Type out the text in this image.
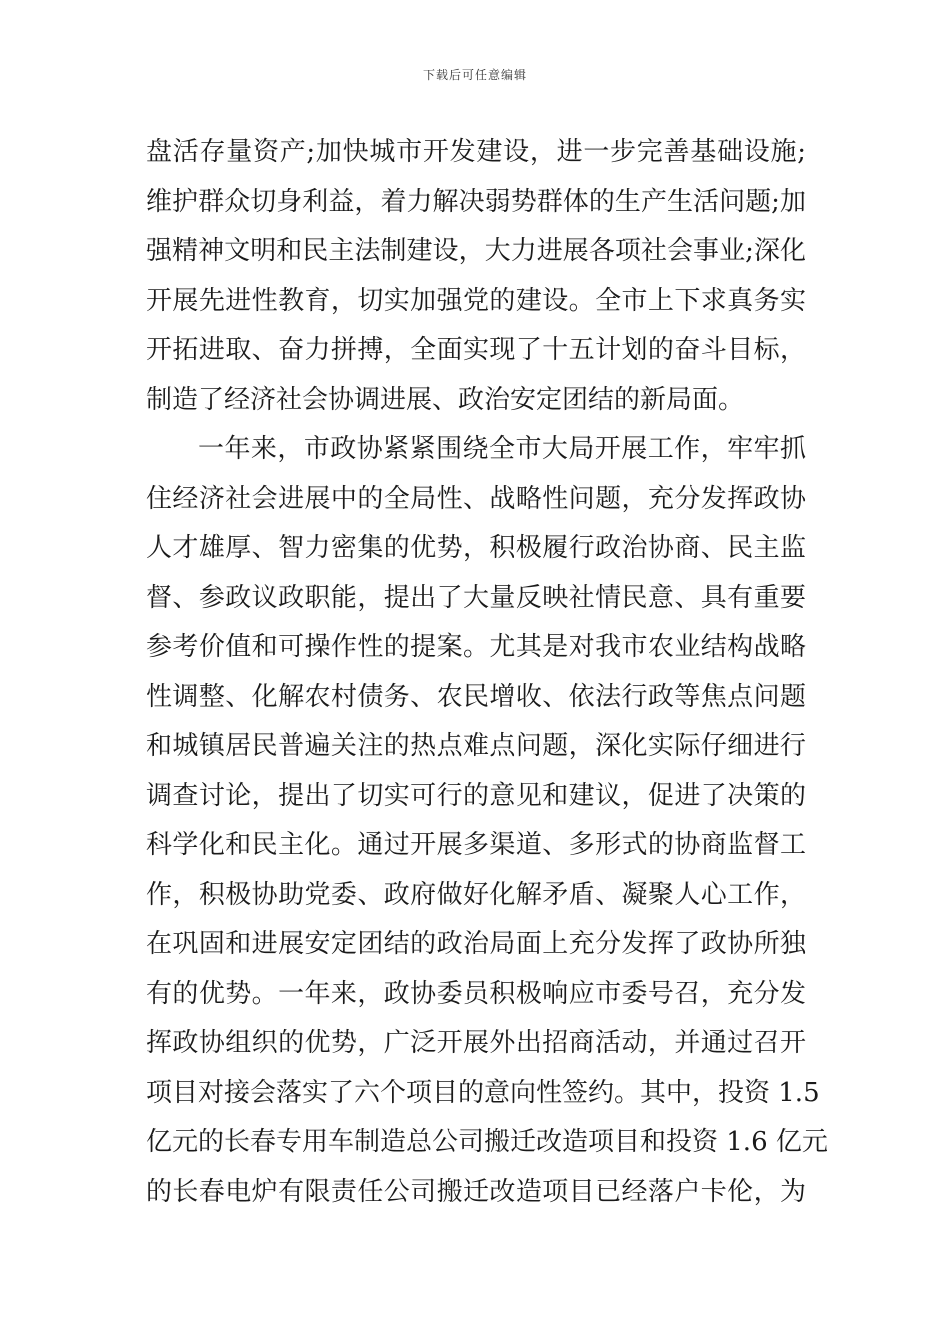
下载后可任意编辑
盘活存量资产;加快城市开发建设，进一步完善基础设施;
维护群众切身利益，着力解决弱势群体的生产生活问题;加
强精神文明和民主法制建设，大力进展各项社会事业;深化
开展先进性教育，切实加强党的建设。全市上下求真务实
开拓进取、奋力拼搏，全面实现了十五计划的奋斗目标，
制造了经济社会协调进展、政治安定团结的新局面。
一年来，市政协紧紧围绕全市大局开展工作，牢牢抓
住经济社会进展中的全局性、战略性问题，充分发挥政协
人才雄厚、智力密集的优势，积极履行政治协商、民主监
督、参政议政职能，提出了大量反映社情民意、具有重要
参考价值和可操作性的提案。尤其是对我市农业结构战略
性调整、化解农村债务、农民增收、依法行政等焦点问题
和城镇居民普遍关注的热点难点问题，深化实际仔细进行
调查讨论，提出了切实可行的意见和建议，促进了决策的
科学化和民主化。通过开展多渠道、多形式的协商监督工
作，积极协助党委、政府做好化解矛盾、凝聚人心工作，
在巩固和进展安定团结的政治局面上充分发挥了政协所独
有的优势。一年来，政协委员积极响应市委号召，充分发
挥政协组织的优势，广泛开展外出招商活动，并通过召开
项目对接会落实了六个项目的意向性签约。其中，投资 1.5
亿元的长春专用车制造总公司搬迁改造项目和投资 1.6 亿元
的长春电炉有限责任公司搬迁改造项目已经落户卡伦，为
